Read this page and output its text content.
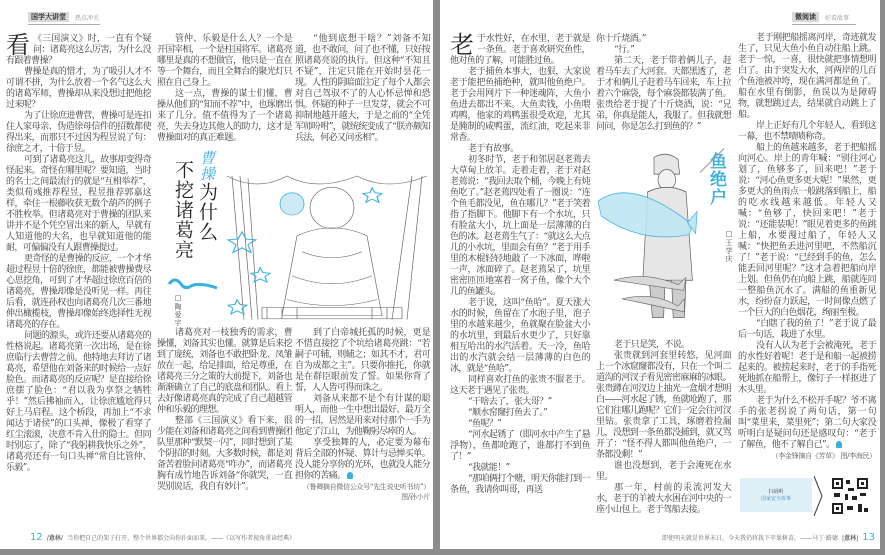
国学大讲堂	热点冲关
看 《三国演义》时，一直有个疑问：诸葛亮这么厉害，为什么没有跟着曹操？

曹操是真的惜才，为了吸引人才不可谓不拼，为什么放着一个名气这么大的诸葛军师，曹操却从来没想过把他挖过来呢？

为了让徐庶进曹营，曹操可是连扣住人家母亲、伪造徐母信件的招数都使得出来，而那只不过因为程昱说了句：徐庶之才，十倍于昱。

可到了诸葛亮这儿，故事却变得奇怪起来。奇怪在哪里呢？要知道，当时的名士之间最流行的就是“互相举荐”，类似荀彧推荐程昱，程昱推荐郭嘉这样，牵住一根藤收获无数个葫芦的例子不胜枚举。但诸葛亮对于曹操的团队来讲并不是个凭空冒出来的新人，早就有人知道他的大名，也早就知道他的能耐，可偏偏没有人跟曹操提过。

更奇怪的是曹操的反应，一个才华超过程昱十倍的徐庶，都能被曹操费尽心思挖角，可到了才华超过徐庶百倍的诸葛亮，曹操却像是没听见一样。再往后看，就连孙权也向诸葛亮几次三番地伸出橄榄枝，曹操却像始终选择性无视诸葛亮的存在。

问题的源头，或许还要从诸葛亮的性格说起。诸葛亮第一次出场，是在徐庶临行去曹营之前。他特地去拜访了诸葛亮，希望他在刘备来的时候给一点好脸色。而诸葛亮的反应呢？是直接给徐庶摆了脸色：“君以我为享祭之牺牲乎！”然后拂袖而入，让徐庶尴尬得只好上马启程。这个桥段，再加上“不求闻达于诸侯”的口头禅，像极了看穿了红尘滚滚，决意不肯入仕的隐士。但同时别忘了，除了“我躬耕我快乐之外”，诸葛亮还有一句口头禅“常自比管仲、乐毅”。

管仲、乐毅是什么人？一个是开国宰相，一个是柱国将军。诸葛亮哪里是真的不想做官，他只是一直在等一个舞台，而且全舞台的聚光灯只照在自己身上。

这一点，曹操的谋士们懂，曹操从他们的“知而不荐”中，也琢磨出来了几分。值不值得为了一个诸葛亮，失去身边其他人的助力，这才是曹操面对的真正难题。

“他到底想干啥？”刘备不知道，也不敢问，问了也不懂，只好按照诸葛亮说的执行。但这种“不知且不疑”，注定只能在开始时昙花一现。人性的阴暗面注定了每个人都会对自己驾驭不了的人心怀忌惮和恐惧。怀疑的种子一旦发芽，就会不可抑制地越开越大，于是之前的“全凭军师吩咐”，就统统变成了“朕亦颇知兵法，何必又问丞相”。

不挖诸葛亮 曹操为什么
□陶爱宇

诸葛亮对一枝独秀的需求，曹操懂，刘备其实也懂。就算是后来挖到了庞统，刘备也不敢把卧龙、凤雏放在一起，给足排面，给足尊重，在诸葛亮三分之策的大前提下，刘备也渐渐确立了自己的底盘和团队。看上去好像诸葛亮真的完成了自己超越管仲和乐毅的理想。

整部《三国演义》看下来，很少能在刘备和诸葛亮之间看到曹操团队里那种“默契一闪”，同时想到了某个阴招的时刻。大多数时候，都是刘备苦着脸问诸葛亮“咋办”，而诸葛亮胸有成竹地告诉刘备“你就哭，一直哭别说话，我自有妙计”。

到了白帝城托孤的时候，更是不惜直接挖了个坑给诸葛亮跳：“若嗣子可辅，则辅之；如其不才，君可自为成都之主”。只要你推托，你就是在群臣眼前发了誓。如果你背了誓，人人皆可得而诛之。

刘备从来都不是个有计谋的聪明人，而他一生中想出最好、最万全的一招，居然是用来对付那个一手为他定了江山，为他鞠躬尽瘁的人。

享受独舞的人，必定要为幕布背后全部的怀疑、算计与忌惮买单。没人能分享你的光环，也就没人能分担你的苦痛。

（鲁卿摘自微信公众号“先生说史听书坊”）

图/孙小片

12 /意林/ 当你把自己的架子打开，整个世界都会向你扑面而来。——《以写作者视角重读经典》
微阅读	好看故事
老 于水性好，在水里，老于就是一条鱼。老于喜欢研究鱼性，他对鱼的了解，可能胜过鱼。

老于捕鱼本事大，也狠，大家说老于能把鱼捕绝种，就叫他鱼绝户。老于会用网片下一种迷魂阵，大鱼小鱼进去都出不来。大鱼卖钱，小鱼喂鸡鸭，他家的鸡鸭蛋很受欢迎，尤其是腌制的咸鸭蛋，流红油，吃起来非常香。

老于有故事。

初冬时节，老于和邻居赵老蔫去大草甸上放羊。走着走着，老于对赵老蔫说：“我回去取个桶，今晚上有炖鱼吃了。”赵老蔫四处看了一圈说：“连个鱼毛都没见，鱼在哪儿？”老于笑着指了指脚下。他脚下有一个水坑，只有脸盆大小，坑上面是一层薄薄的白色的冰。赵老蔫生气了：“就这么大点儿的小水坑，里面会有鱼？”老于用手里的木棍轻轻地敲了一下冰面，哗啦一声，冰面碎了。赵老蔫呆了，坑里密密匝匝地塞着一窝子鱼，像个大个儿的鱼罐头。

老于说，这叫“鱼哈”。夏天涨大水的时候，鱼留在了水泡子里，泡子里的水越来越少，鱼就聚在脸盆大小的水坑里，到最后水更少了，只好靠相互哈出的水汽活着。天一冷，鱼哈出的水汽就会结一层薄薄的白色的冰，就是“鱼哈”。

同样喜欢打鱼的张贵不服老于。这天老于遇见了张贵。

“干啥去了，张大哥？”

“顺水窑窿打鱼去了。”

“鱼呢？”

“河水起锈了（即河水中产生了悬浮物），鱼都呛跑了，谁都打不到鱼了！”

“我就能！”

“那咱俩打个赌，明天你能打到一条鱼，我请你叫哥，再送

你十斤烧酒。”

“行。”

第二天，老于带着俩儿子，赶着马车去了大河套。天都黑透了，老于才和俩儿子赶着马车回来，车上拉着六个麻袋，每个麻袋都装满了鱼。张贵给老于提了十斤烧酒，说：“兄弟，你真是能人，我服了。但我就想问问，你是怎么打到鱼的？”

鱼绝户
□王学庆

老于只是笑，不说。

张贵就到河套里转悠，见河面上一个冰窟窿都没有，只在一个叫二道沟的河汊子看见密密麻麻的冰眼。张贵蹲在河汊边上抽光一盒烟才想明白——河水起了锈，鱼就呛跑了，那它们往哪儿跑呢？它们一定会往河汊里钻。张贵拿了工具，琢磨着捡漏儿，没想到一条鱼都没捕到，就又骂开了：“怪不得人都叫他鱼绝户，一条都没剩！”

谁也没想到，老于会淹死在水里。

那一年，村前的汞流河发大水，老于的羊被大水困在河中央的一座小山包上。老于驾船去接。

老于刚把船摇离河岸，奇迹就发生了，只见大鱼小鱼自动往船上跳。老于一惊，一喜，很快就把事情想明白了。由于突发大水，河两岸的几百个鱼池被冲垮，现在满河都是鱼了。船在水里有倒影，鱼误以为是障碍物，就想跳过去，结果就自动跳上了船。

岸上正好有几个年轻人，看到这一幕，也不禁啧啧称奇。

船上的鱼越来越多，老于把船摇向河心。岸上的青年喊：“别往河心划了，鱼够多了，回来吧！”老于说：“河心鱼更多更大呢！”果然，更多更大的鱼雨点一般跳落到船上，船的吃水线越来越低。年轻人又喊：“鱼够了，快回来吧！”老于说：“还能装呢！”眼见着更多的鱼跳上船，水要漫过船了，年轻人又喊：“快把鱼丢进河里吧，不然船沉了！”老于说：“已经到手的鱼，怎么能丢回河里呢？”这才急着把船向岸上划。但鱼仍在向船上跳，船就连同一整船鱼沉水了。满船的鱼重新见水，纷纷奋力跃起，一时间像点燃了一个巨大的白色烟花，绚丽至极。

“白瞎了我的鱼了！”老于说了最后一句话，栽进了水里。

没有人认为老于会被淹死，老于的水性好着呢！老于是和船一起被捞起来的。被捞起来时，老于的手指死死地抓在船帮上，像钉子一样抠进了木头里。

老于为什么不松开手呢？爷不离手的张老拐说了两句话，第一句叫“菜里来，菜里死”；第二句大家没听明白是疑问句还是感叹句：“老于了解鱼，他不了解自己”。

（李金锋摘自《芳草》 图/李海民）

扫码听
国家安全故事
即使明天就是世界末日，今天我仍将栽下苹果树苗。——马丁·路德 |意林| 13
